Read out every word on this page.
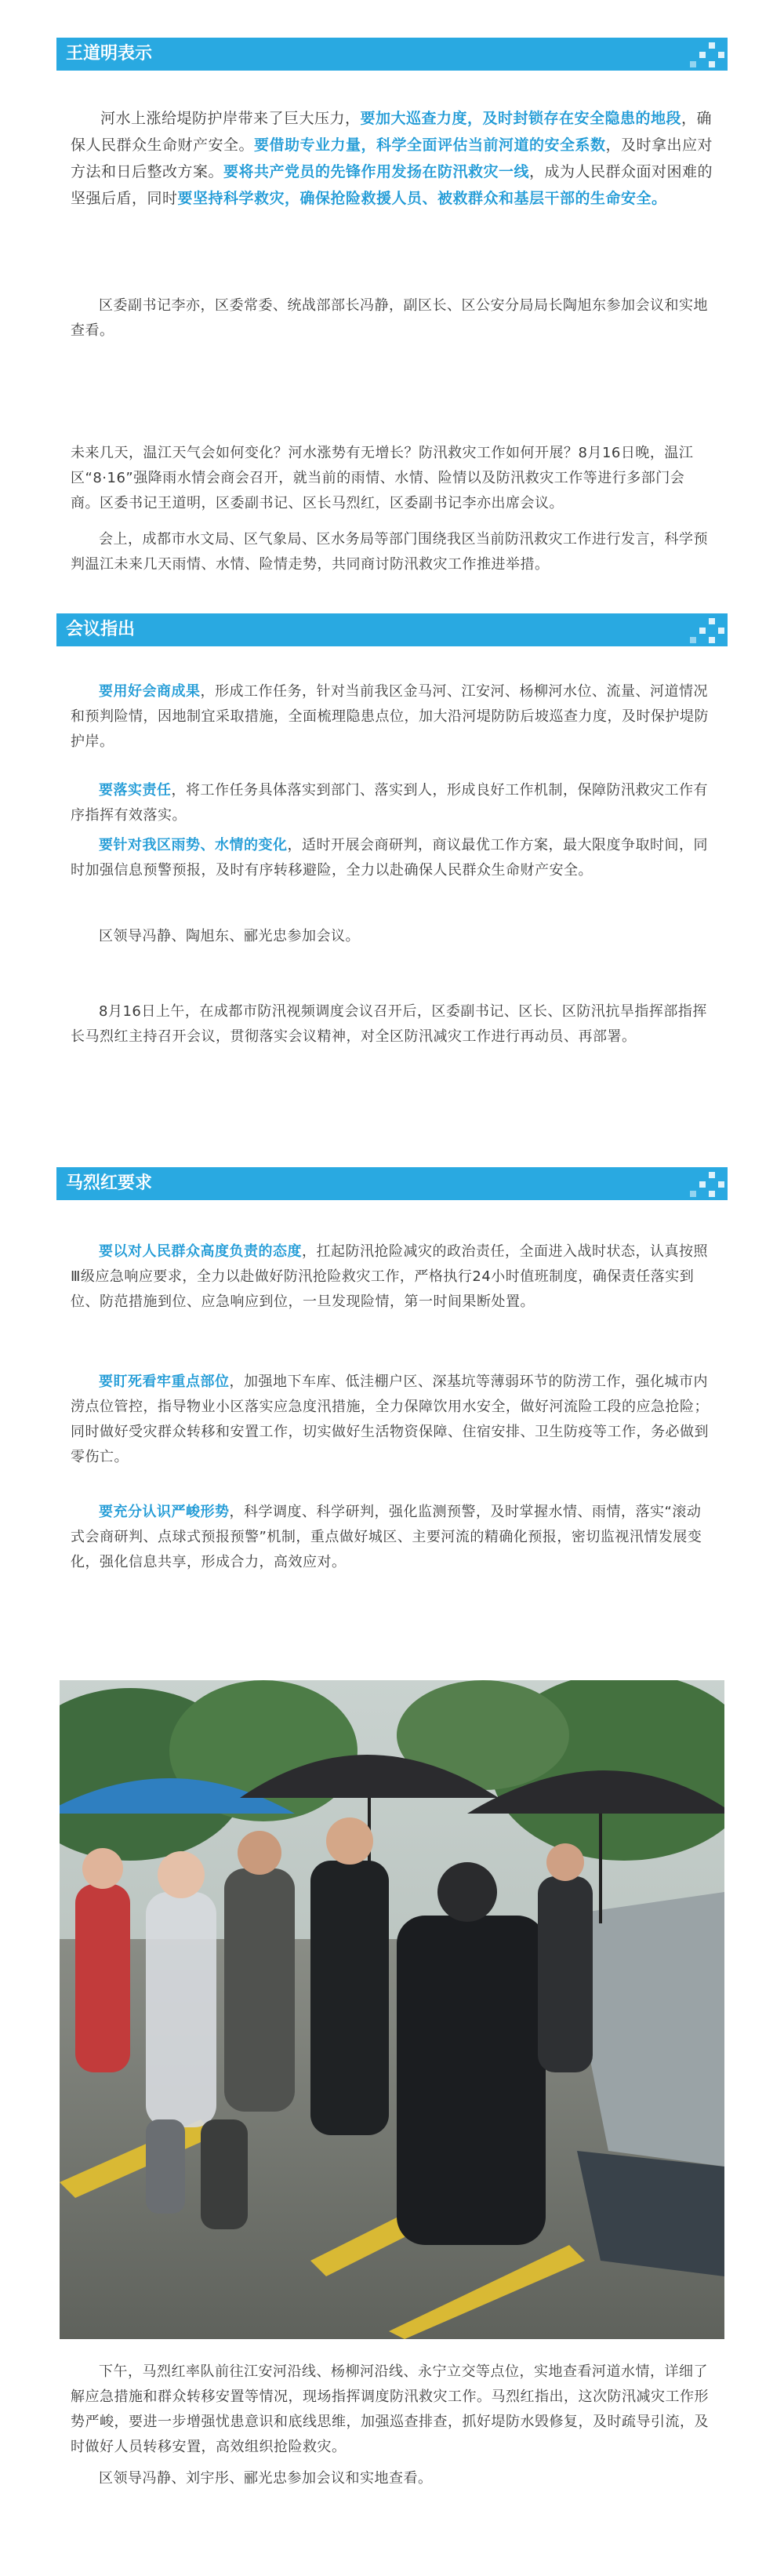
王道明表示

河水上涨给堤防护岸带来了巨大压力，要加大巡查力度，及时封锁存在安全隐患的地段，确保人民群众生命财产安全。要借助专业力量，科学全面评估当前河道的安全系数，及时拿出应对方法和日后整改方案。要将共产党员的先锋作用发扬在防汛救灾一线，成为人民群众面对困难的坚强后盾，同时要坚持科学救灾，确保抢险救援人员、被救群众和基层干部的生命安全。

区委副书记李亦，区委常委、统战部部长冯静，副区长、区公安分局局长陶旭东参加会议和实地查看。

未来几天，温江天气会如何变化？河水涨势有无增长？防汛救灾工作如何开展？8月16日晚，温江区“8·16”强降雨水情会商会召开，就当前的雨情、水情、险情以及防汛救灾工作等进行多部门会商。区委书记王道明，区委副书记、区长马烈红，区委副书记李亦出席会议。

会上，成都市水文局、区气象局、区水务局等部门围绕我区当前防汛救灾工作进行发言，科学预判温江未来几天雨情、水情、险情走势，共同商讨防汛救灾工作推进举措。

会议指出

要用好会商成果，形成工作任务，针对当前我区金马河、江安河、杨柳河水位、流量、河道情况和预判险情，因地制宜采取措施，全面梳理隐患点位，加大沿河堤防防后坡巡查力度，及时保护堤防护岸。

要落实责任，将工作任务具体落实到部门、落实到人，形成良好工作机制，保障防汛救灾工作有序指挥有效落实。

要针对我区雨势、水情的变化，适时开展会商研判，商议最优工作方案，最大限度争取时间，同时加强信息预警预报，及时有序转移避险，全力以赴确保人民群众生命财产安全。

区领导冯静、陶旭东、郦光忠参加会议。

8月16日上午，在成都市防汛视频调度会议召开后，区委副书记、区长、区防汛抗旱指挥部指挥长马烈红主持召开会议，贯彻落实会议精神，对全区防汛减灾工作进行再动员、再部署。

马烈红要求

要以对人民群众高度负责的态度，扛起防汛抢险减灾的政治责任，全面进入战时状态，认真按照Ⅲ级应急响应要求，全力以赴做好防汛抢险救灾工作，严格执行24小时值班制度，确保责任落实到位、防范措施到位、应急响应到位，一旦发现险情，第一时间果断处置。

要盯死看牢重点部位，加强地下车库、低洼棚户区、深基坑等薄弱环节的防涝工作，强化城市内涝点位管控，指导物业小区落实应急度汛措施，全力保障饮用水安全，做好河流险工段的应急抢险；同时做好受灾群众转移和安置工作，切实做好生活物资保障、住宿安排、卫生防疫等工作，务必做到零伤亡。

要充分认识严峻形势，科学调度、科学研判，强化监测预警，及时掌握水情、雨情，落实“滚动式会商研判、点球式预报预警”机制，重点做好城区、主要河流的精确化预报，密切监视汛情发展变化，强化信息共享，形成合力，高效应对。

下午，马烈红率队前往江安河沿线、杨柳河沿线、永宁立交等点位，实地查看河道水情，详细了解应急措施和群众转移安置等情况，现场指挥调度防汛救灾工作。马烈红指出，这次防汛减灾工作形势严峻，要进一步增强忧患意识和底线思维，加强巡查排查，抓好堤防水毁修复，及时疏导引流，及时做好人员转移安置，高效组织抢险救灾。

区领导冯静、刘宇彤、郦光忠参加会议和实地查看。
